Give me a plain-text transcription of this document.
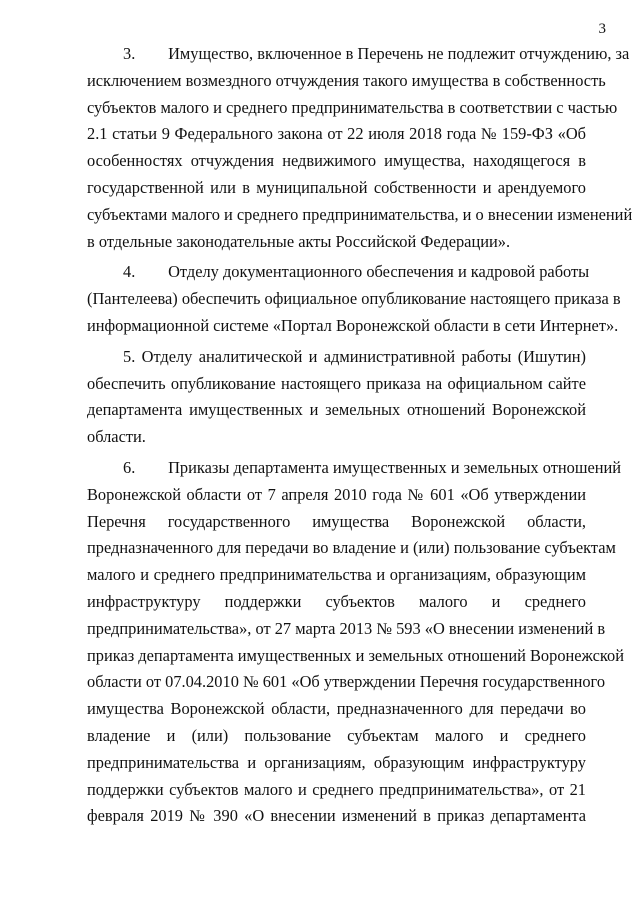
3
3.  Имущество, включенное в Перечень не подлежит отчуждению, за
исключением возмездного отчуждения такого имущества в собственность
субъектов малого и среднего предпринимательства в соответствии с частью
2.1 статьи 9 Федерального закона от 22 июля 2018 года № 159-ФЗ «Об
особенностях отчуждения недвижимого имущества, находящегося в
государственной или в муниципальной собственности и арендуемого
субъектами малого и среднего предпринимательства, и о внесении изменений
в отдельные законодательные акты Российской Федерации».
4.  Отделу документационного обеспечения и кадровой работы
(Пантелеева) обеспечить официальное опубликование настоящего приказа в
информационной системе «Портал Воронежской области в сети Интернет».
5. Отделу аналитической и административной работы (Ишутин)
обеспечить опубликование настоящего приказа на официальном сайте
департамента имущественных и земельных отношений Воронежской
области.
6.  Приказы департамента имущественных и земельных отношений
Воронежской области от 7 апреля 2010 года № 601 «Об утверждении
Перечня государственного имущества Воронежской области,
предназначенного для передачи во владение и (или) пользование субъектам
малого и среднего предпринимательства и организациям, образующим
инфраструктуру поддержки субъектов малого и среднего
предпринимательства», от 27 марта 2013 № 593 «О внесении изменений в
приказ департамента имущественных и земельных отношений Воронежской
области от 07.04.2010 № 601 «Об утверждении Перечня государственного
имущества Воронежской области, предназначенного для передачи во
владение и (или) пользование субъектам малого и среднего
предпринимательства и организациям, образующим инфраструктуру
поддержки субъектов малого и среднего предпринимательства», от 21
февраля 2019 № 390 «О внесении изменений в приказ департамента
